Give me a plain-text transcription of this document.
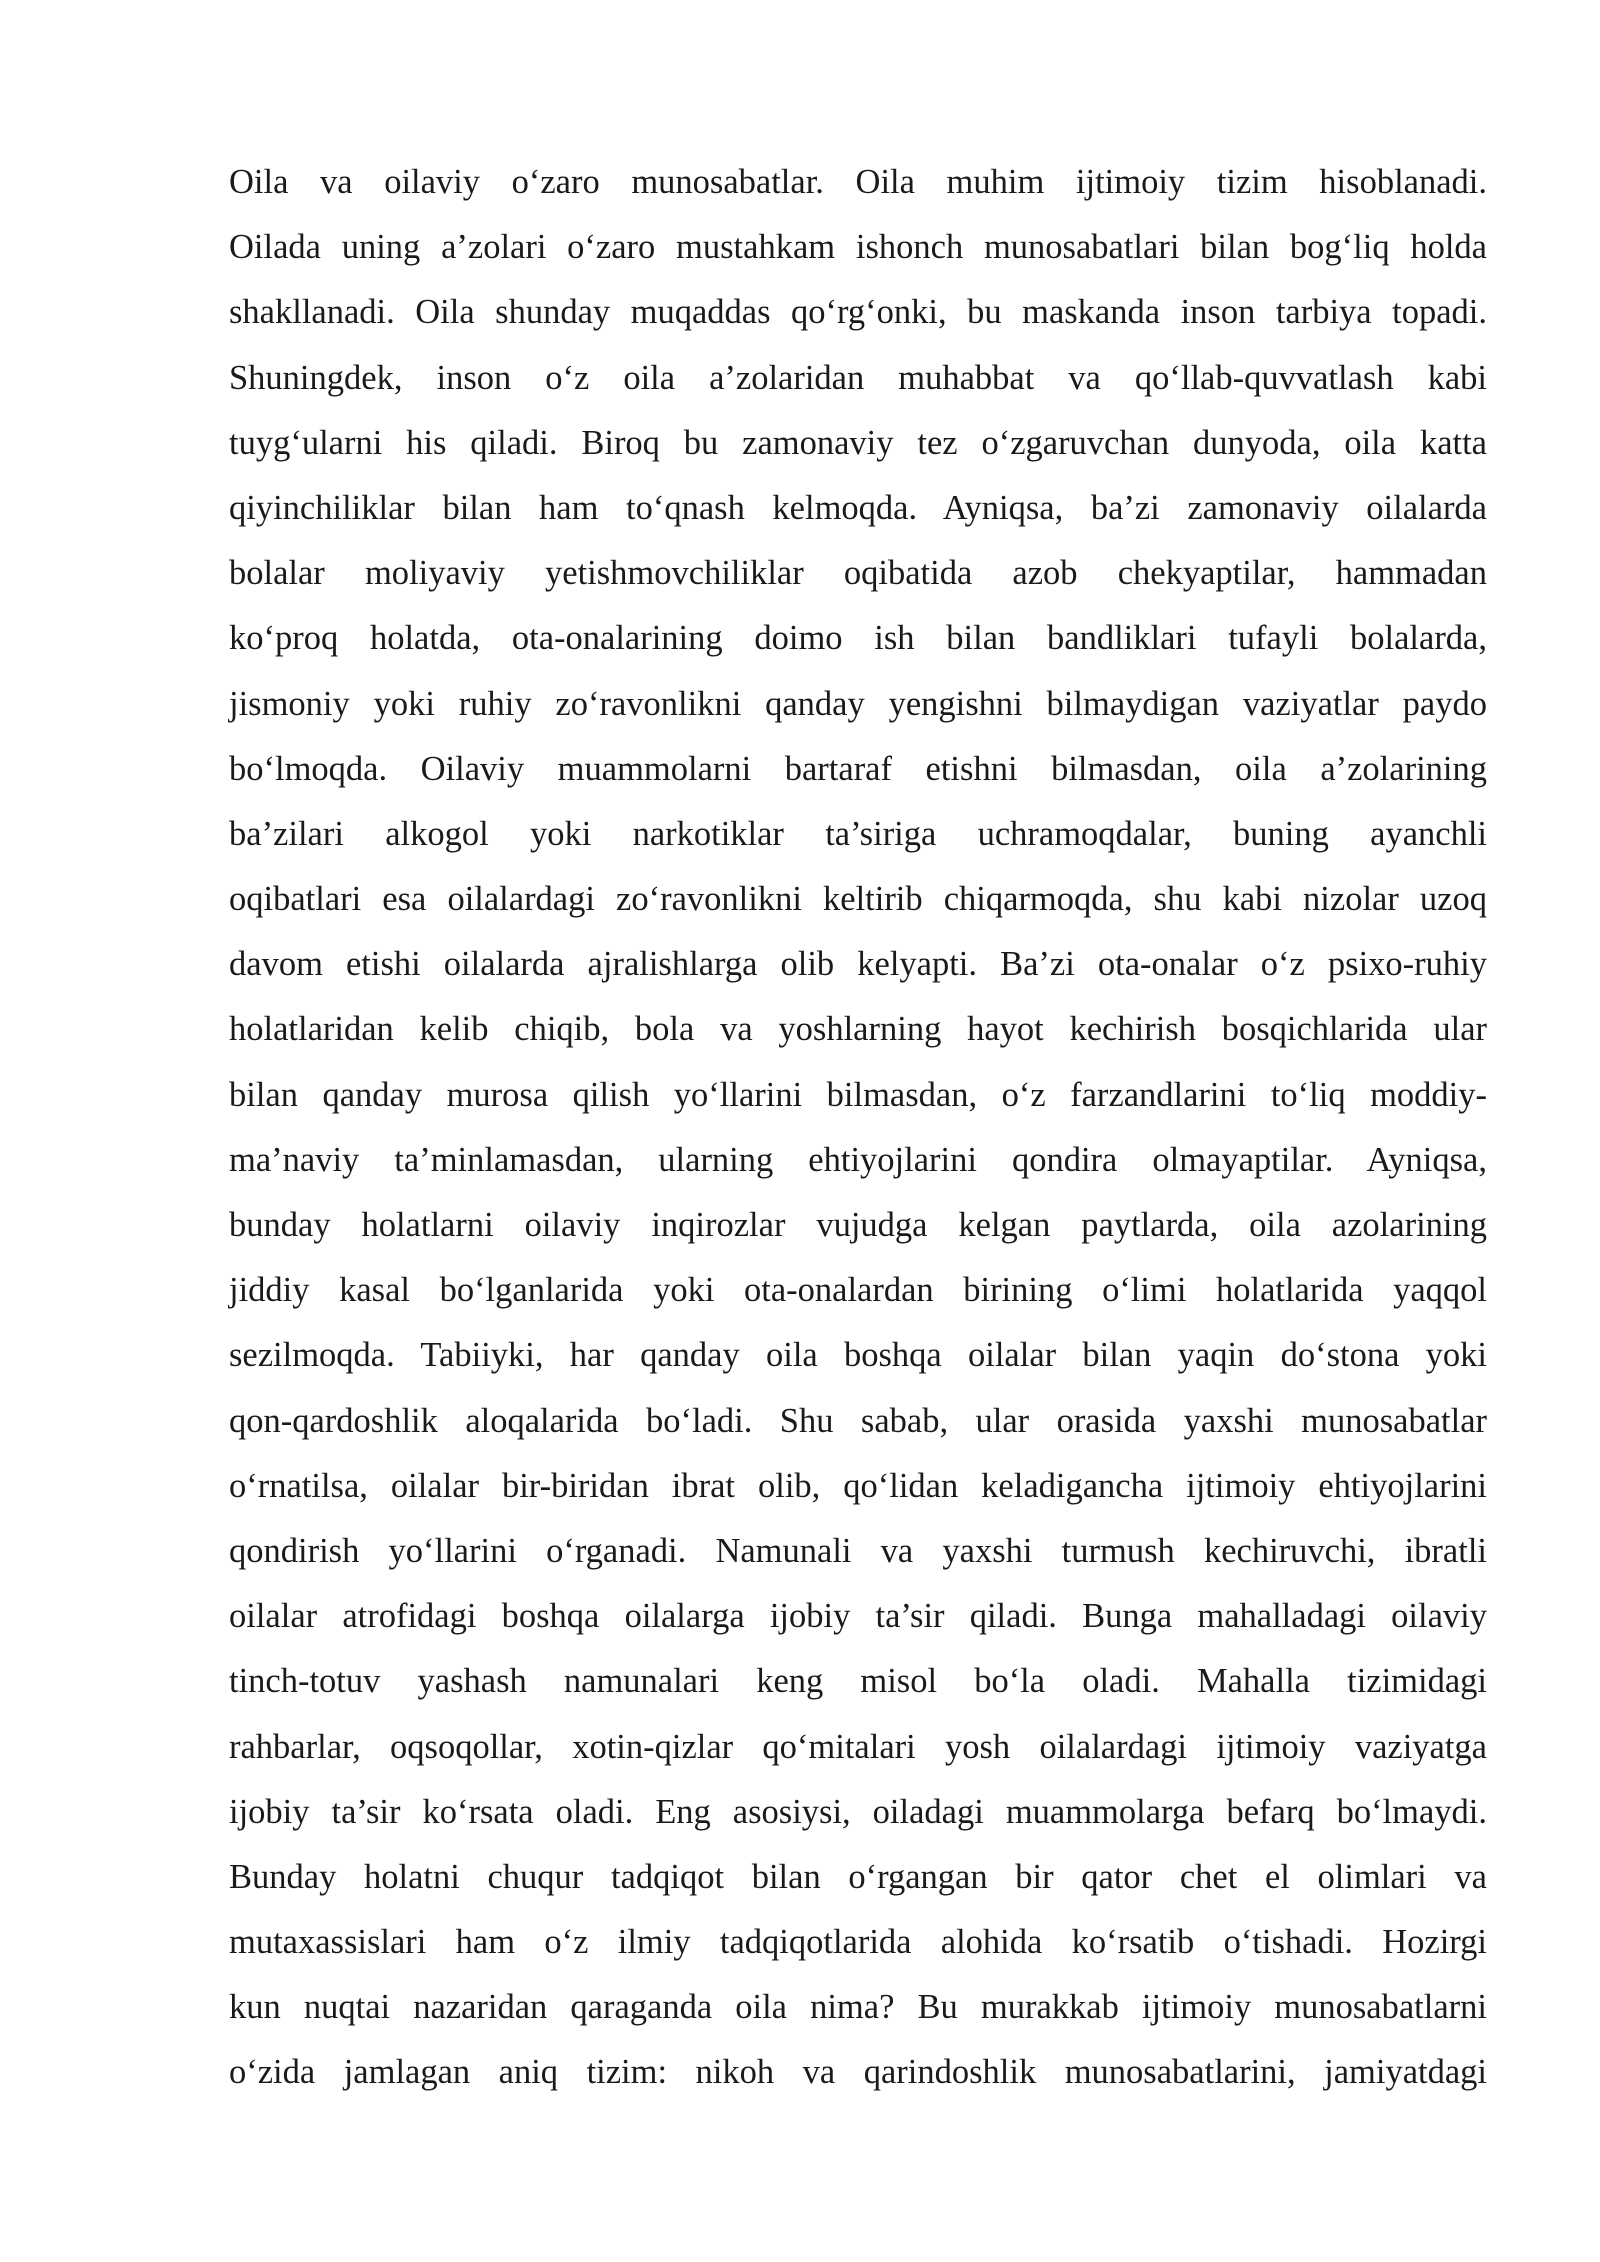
Oila va oilaviy o‘zaro munosabatlar. Oila muhim ijtimoiy tizim hisoblanadi.
Oilada uning a’zolari o‘zaro mustahkam ishonch munosabatlari bilan bog‘liq holda
shakllanadi. Oila shunday muqaddas qo‘rg‘onki, bu maskanda inson tarbiya topadi.
Shuningdek, inson o‘z oila a’zolaridan muhabbat va qo‘llab-quvvatlash kabi
tuyg‘ularni his qiladi. Biroq bu zamonaviy tez o‘zgaruvchan dunyoda, oila katta
qiyinchiliklar bilan ham to‘qnash kelmoqda. Ayniqsa, ba’zi zamonaviy oilalarda
bolalar moliyaviy yetishmovchiliklar oqibatida azob chekyaptilar, hammadan
ko‘proq holatda, ota-onalarining doimo ish bilan bandliklari tufayli bolalarda,
jismoniy yoki ruhiy zo‘ravonlikni qanday yengishni bilmaydigan vaziyatlar paydo
bo‘lmoqda. Oilaviy muammolarni bartaraf etishni bilmasdan, oila a’zolarining
ba’zilari alkogol yoki narkotiklar ta’siriga uchramoqdalar, buning ayanchli
oqibatlari esa oilalardagi zo‘ravonlikni keltirib chiqarmoqda, shu kabi nizolar uzoq
davom etishi oilalarda ajralishlarga olib kelyapti. Ba’zi ota-onalar o‘z psixo-ruhiy
holatlaridan kelib chiqib, bola va yoshlarning hayot kechirish bosqichlarida ular
bilan qanday murosa qilish yo‘llarini bilmasdan, o‘z farzandlarini to‘liq moddiy-
ma’naviy ta’minlamasdan, ularning ehtiyojlarini qondira olmayaptilar. Ayniqsa,
bunday holatlarni oilaviy inqirozlar vujudga kelgan paytlarda, oila azolarining
jiddiy kasal bo‘lganlarida yoki ota-onalardan birining o‘limi holatlarida yaqqol
sezilmoqda. Tabiiyki, har qanday oila boshqa oilalar bilan yaqin do‘stona yoki
qon-qardoshlik aloqalarida bo‘ladi. Shu sabab, ular orasida yaxshi munosabatlar
o‘rnatilsa, oilalar bir-biridan ibrat olib, qo‘lidan keladigancha ijtimoiy ehtiyojlarini
qondirish yo‘llarini o‘rganadi. Namunali va yaxshi turmush kechiruvchi, ibratli
oilalar atrofidagi boshqa oilalarga ijobiy ta’sir qiladi. Bunga mahalladagi oilaviy
tinch-totuv yashash namunalari keng misol bo‘la oladi. Mahalla tizimidagi
rahbarlar, oqsoqollar, xotin-qizlar qo‘mitalari yosh oilalardagi ijtimoiy vaziyatga
ijobiy ta’sir ko‘rsata oladi. Eng asosiysi, oiladagi muammolarga befarq bo‘lmaydi.
Bunday holatni chuqur tadqiqot bilan o‘rgangan bir qator chet el olimlari va
mutaxassislari ham o‘z ilmiy tadqiqotlarida alohida ko‘rsatib o‘tishadi. Hozirgi
kun nuqtai nazaridan qaraganda oila nima? Bu murakkab ijtimoiy munosabatlarni
o‘zida jamlagan aniq tizim: nikoh va qarindoshlik munosabatlarini, jamiyatdagi
